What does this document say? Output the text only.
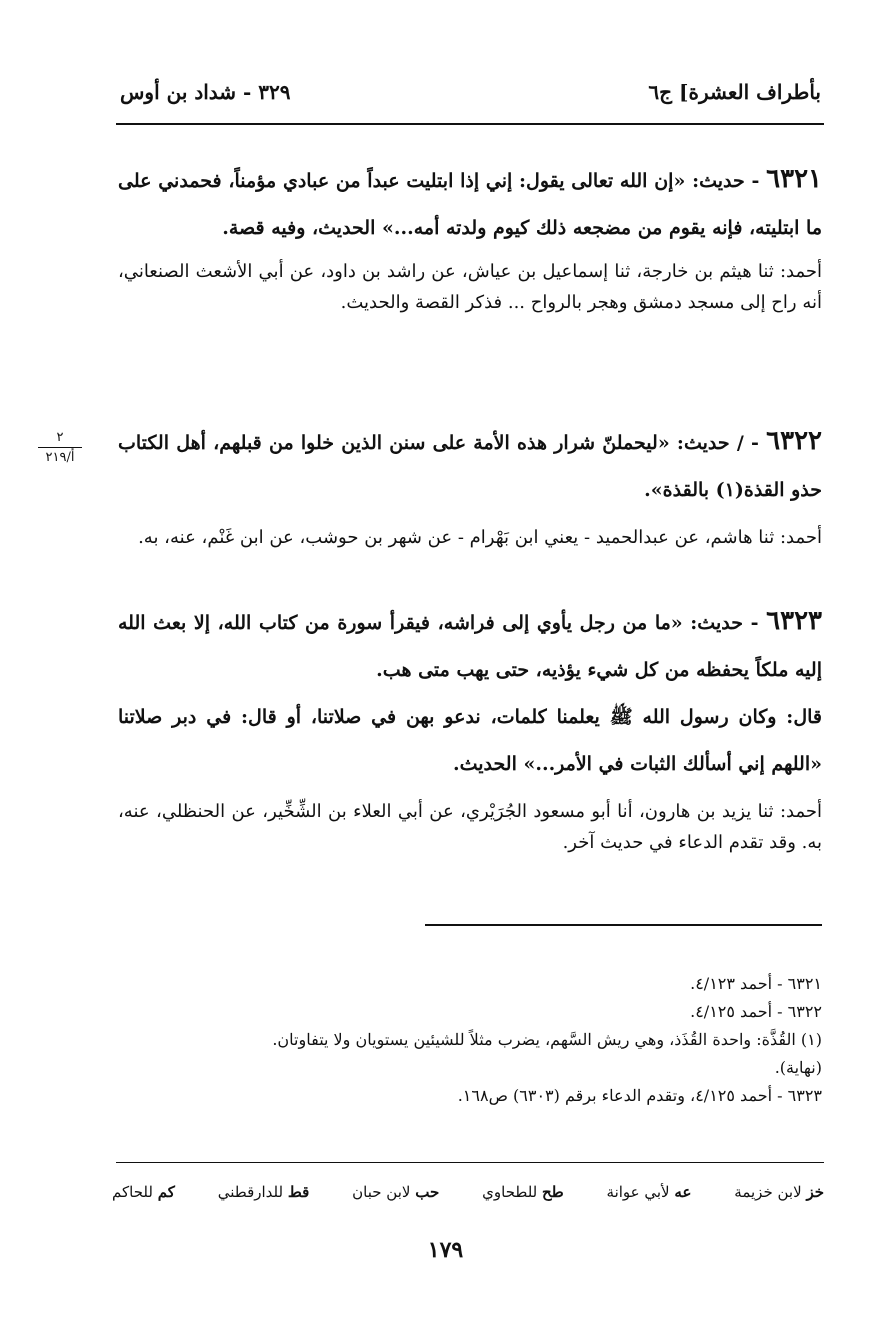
بأطراف العشرة] ج٦
٣٢٩ - شداد بن أوس
٦٣٢١ - حديث: «إن الله تعالى يقول: إني إذا ابتليت عبداً من عبادي مؤمناً، فحمدني على ما ابتليته، فإنه يقوم من مضجعه ذلك كيوم ولدته أمه...» الحديث، وفيه قصة.
أحمد: ثنا هيثم بن خارجة، ثنا إسماعيل بن عياش، عن راشد بن داود، عن أبي الأشعث الصنعاني، أنه راح إلى مسجد دمشق وهجر بالرواح ... فذكر القصة والحديث.
٢
أ/٢١٩
٦٣٢٢ - / حديث: «ليحملنّ شرار هذه الأمة على سنن الذين خلوا من قبلهم، أهل الكتاب حذو القذة(١) بالقذة».
أحمد: ثنا هاشم، عن عبدالحميد - يعني ابن بَهْرام - عن شهر بن حوشب، عن ابن غَنْم، عنه، به.
٦٣٢٣ - حديث: «ما من رجل يأوي إلى فراشه، فيقرأ سورة من كتاب الله، إلا بعث الله إليه ملكاً يحفظه من كل شيء يؤذيه، حتى يهب متى هب.
قال: وكان رسول الله ﷺ يعلمنا كلمات، ندعو بهن في صلاتنا، أو قال: في دبر صلاتنا «اللهم إني أسألك الثبات في الأمر...» الحديث.
أحمد: ثنا يزيد بن هارون، أنا أبو مسعود الجُرَيْري، عن أبي العلاء بن الشِّخِّير، عن الحنظلي، عنه، به. وقد تقدم الدعاء في حديث آخر.
٦٣٢١ - أحمد ٤/١٢٣.
٦٣٢٢ - أحمد ٤/١٢٥.
(١) القُذَّة: واحدة القُذَذ، وهي ريش السَّهم، يضرب مثلاً للشيئين يستويان ولا يتفاوتان.
(نهاية).
٦٣٢٣ - أحمد ٤/١٢٥، وتقدم الدعاء برقم (٦٣٠٣) ص١٦٨.
خز لابن خزيمة
عه لأبي عوانة
طح للطحاوي
حب لابن حبان
قط للدارقطني
كم للحاكم
١٧٩
